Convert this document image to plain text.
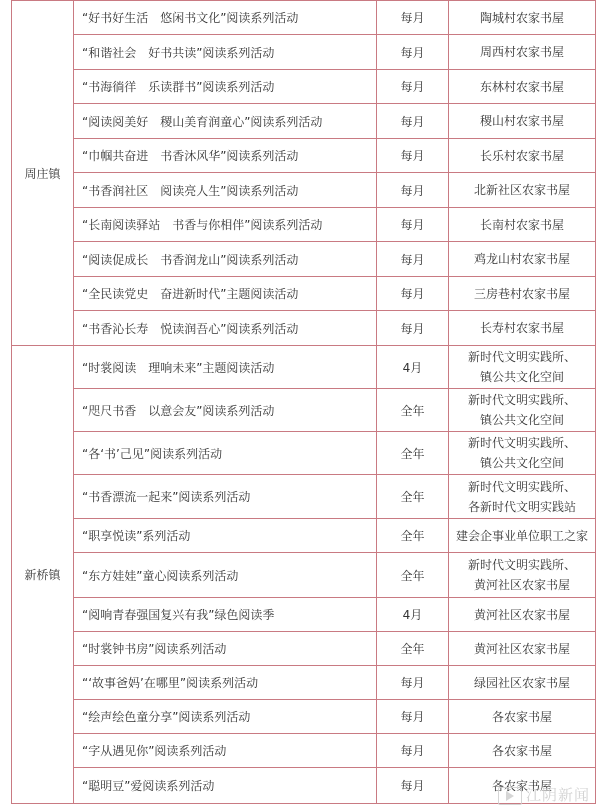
周庄镇	“好书好生活　悠闲书文化”阅读系列活动	每月	陶城村农家书屋
	“和谐社会　好书共读”阅读系列活动	每月	周西村农家书屋
	“书海徜徉　乐读群书”阅读系列活动	每月	东林村农家书屋
	“阅读阅美好　稷山美育润童心”阅读系列活动	每月	稷山村农家书屋
	“巾帼共奋进　书香沐风华”阅读系列活动	每月	长乐村农家书屋
	“书香润社区　阅读亮人生”阅读系列活动	每月	北新社区农家书屋
	“长南阅读驿站　书香与你相伴”阅读系列活动	每月	长南村农家书屋
	“阅读促成长　书香润龙山”阅读系列活动	每月	鸡龙山村农家书屋
	“全民读党史　奋进新时代”主题阅读活动	每月	三房巷村农家书屋
	“书香沁长寿　悦读润吾心”阅读系列活动	每月	长寿村农家书屋
新桥镇	“时裳阅读　理响未来”主题阅读活动	4月	新时代文明实践所、
镇公共文化空间

	“咫尺书香　以意会友”阅读系列活动	全年	新时代文明实践所、
镇公共文化空间

	“各‘书’己见”阅读系列活动	全年	新时代文明实践所、
镇公共文化空间

	“书香漂流一起来”阅读系列活动	全年	新时代文明实践所、
各新时代文明实践站

	“职享悦读”系列活动	全年	建会企事业单位职工之家
	“东方娃娃”童心阅读系列活动	全年	新时代文明实践所、
黄河社区农家书屋

	“阅响青春强国复兴有我”绿色阅读季	4月	黄河社区农家书屋
	“时裳钟书房”阅读系列活动	全年	黄河社区农家书屋
	“‘故事爸妈’在哪里”阅读系列活动	每月	绿园社区农家书屋
	“绘声绘色童分享”阅读系列活动	每月	各农家书屋
	“字从遇见你”阅读系列活动	每月	各农家书屋
	“聪明豆”爱阅读系列活动	每月	各农家书屋
江阴新闻
